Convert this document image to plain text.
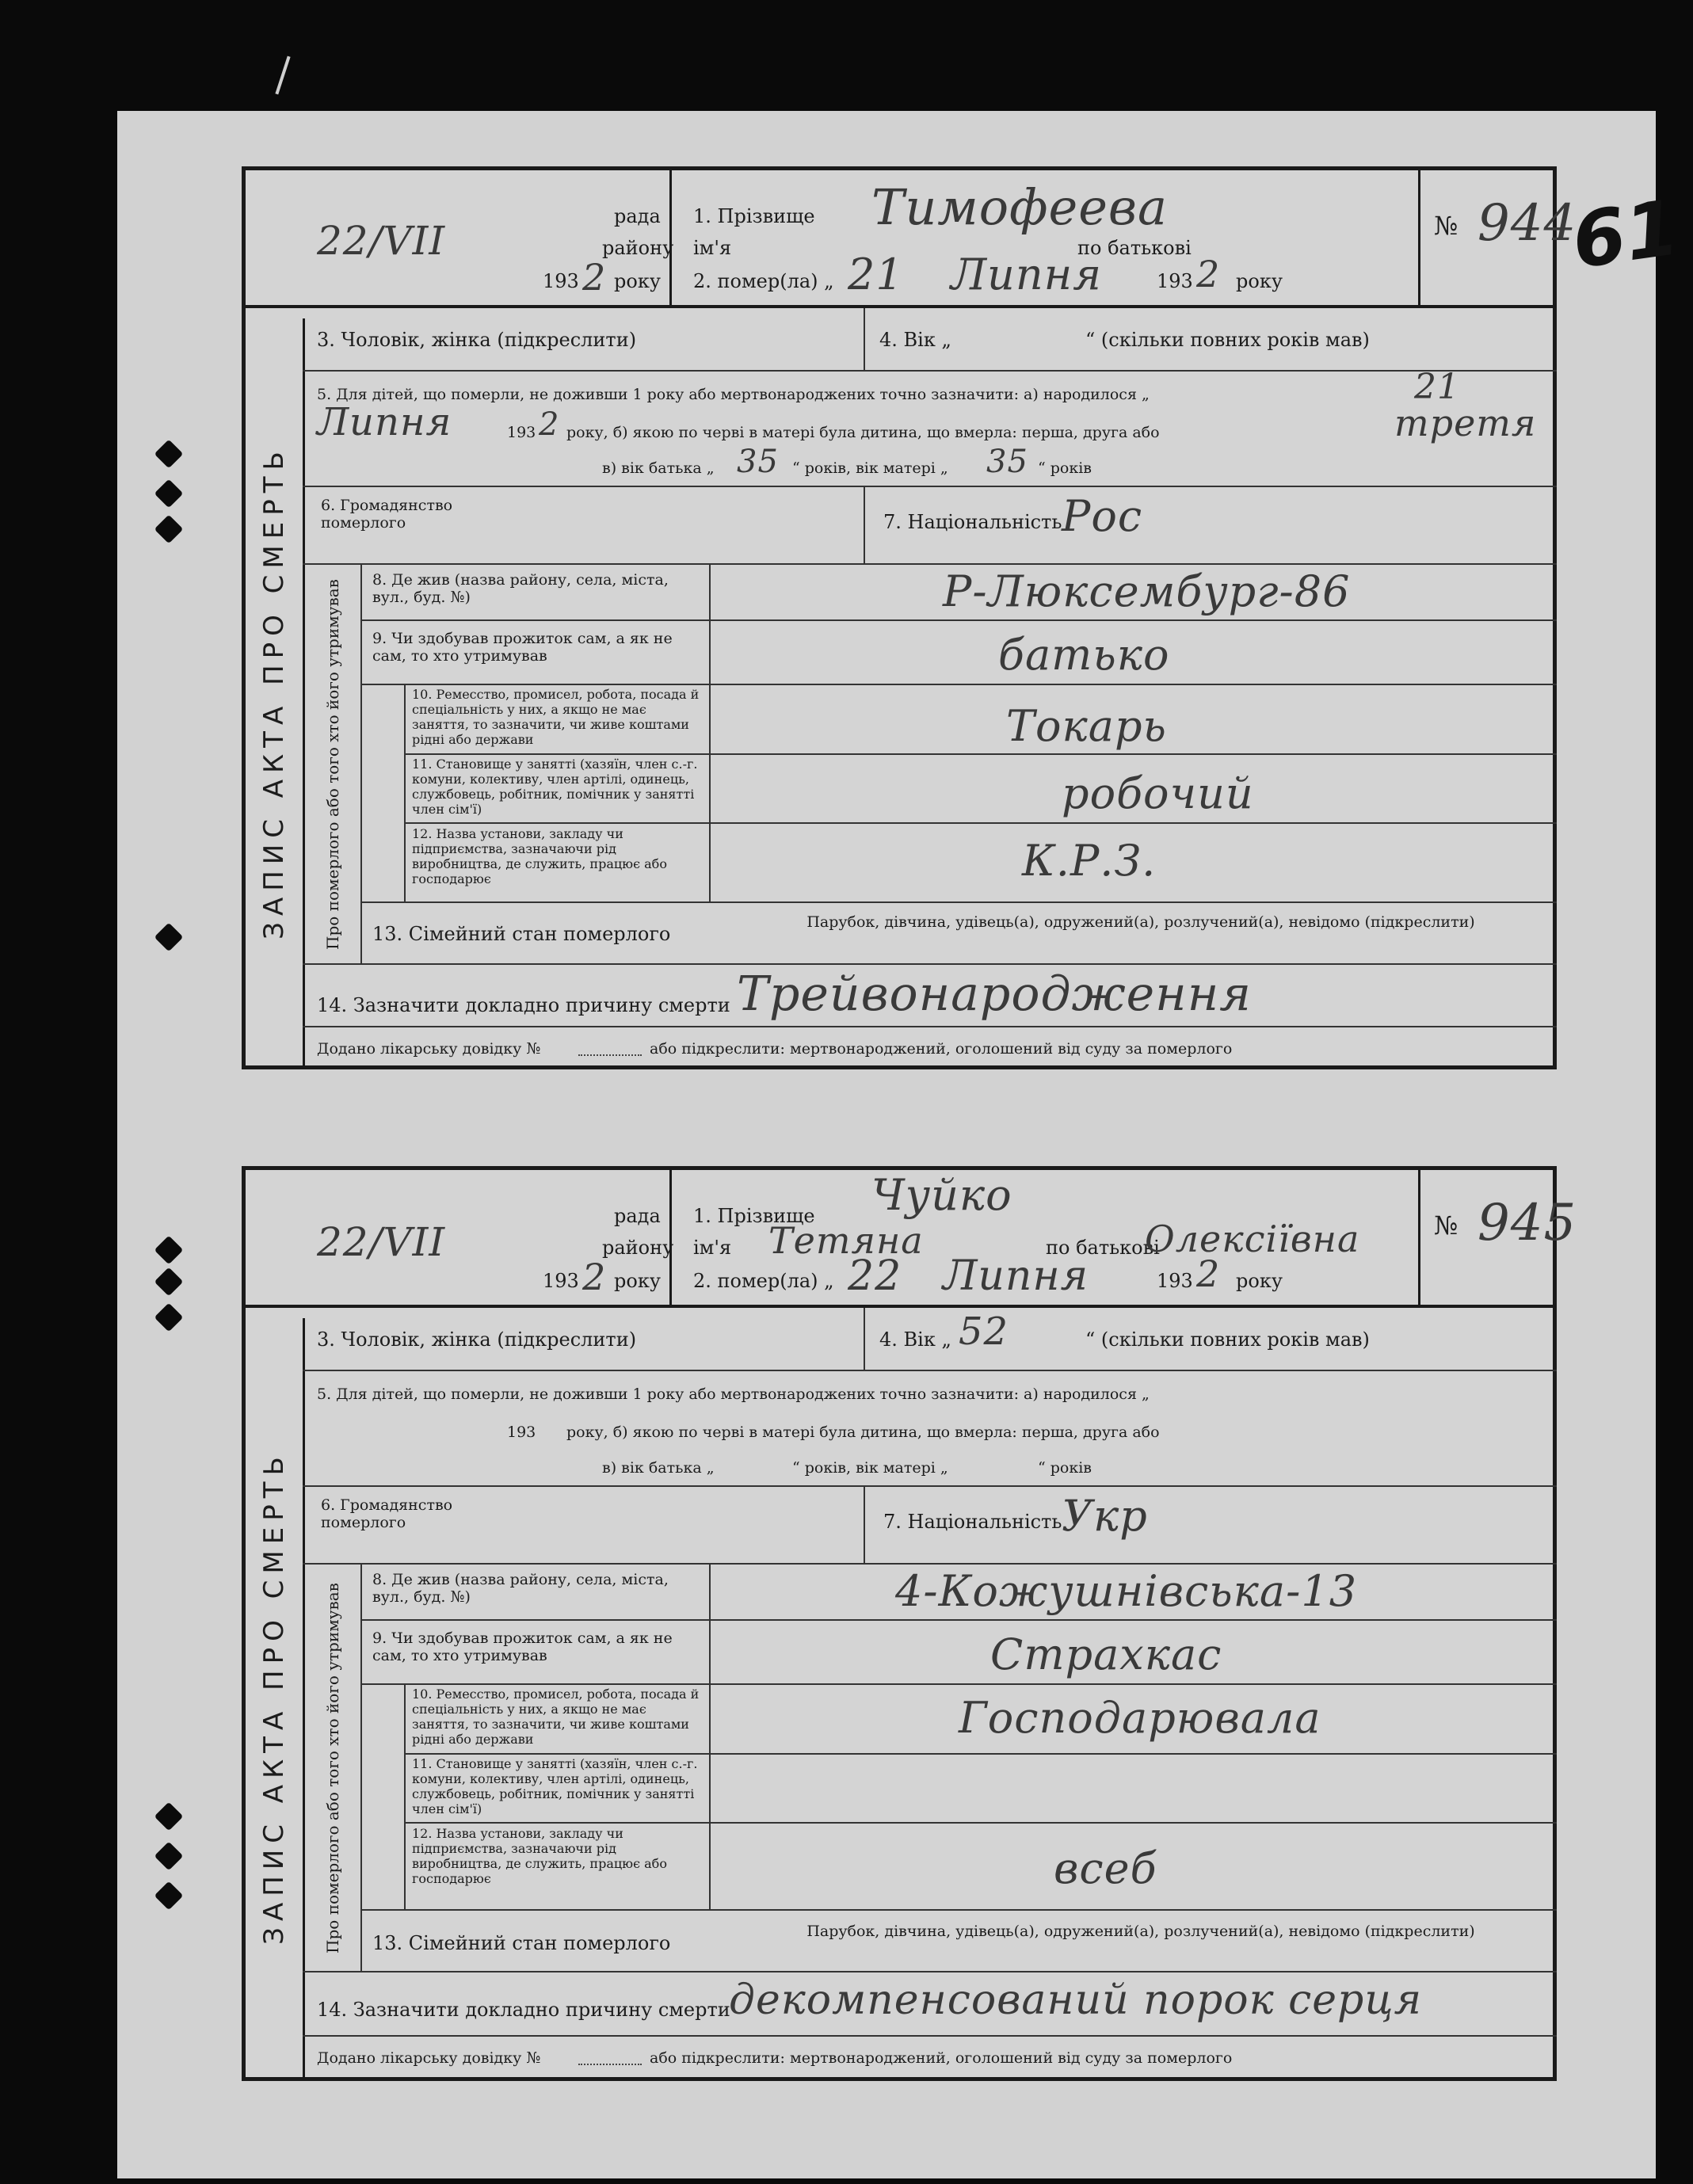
61
ЗАПИС АКТА ПРО СМЕРТЬ
рада
району
22/VII
193 2 року
1. Прізвище Тимофеева
ім'я	по батькові
2. помер(ла) „ 21 Липня	193 2 року
№ 944
Про померлого або того хто його утримував
3. Чоловік, жінка (підкреслити)	4. Вік „	“ (скільки повних років мав)
5. Для дітей, що померли, не доживши 1 року або мертвонароджених точно зазначити: а) народилося „	21
Липня	193 2 року, б) якою по черві в матері була дитина, що вмерла: перша, друга або	третя
в) вік батька „ 35 “ років, вік матері „ 35 “ років
6. Громадянство померлого	7. Національність Рос
8. Де жив (назва району, села, міста, вул., буд. №)	Р-Люксембург-86
9. Чи здобував прожиток сам, а як не сам, то хто утримував	батько
10. Ремесство, промисел, робота, посада й спеціальність у них, а якщо не має заняття, то зазначити, чи живе коштами рідні або держави	Токарь
11. Становище у занятті (хазяїн, член с.-г. комуни, колективу, член артілі, одинець, службовець, робітник, помічник у занятті член сім'ї)	робочий
12. Назва установи, закладу чи підприємства, зазначаючи рід виробництва, де служить, працює або господарює	К.Р.З.
13. Сімейний стан померлого
Парубок, дівчина, удівець(а), одружений(а), розлучений(а), невідомо (підкреслити)
14. Зазначити докладно причину смерти Трейвонародження
Додано лікарську довідку №	або підкреслити: мертвонароджений, оголошений від суду за померлого
ЗАПИС АКТА ПРО СМЕРТЬ
рада
району
22/VII
193 2 року
1. Прізвище Чуйко
ім'я Тетяна	по батькові
Олексіївна
2. помер(ла) „ 22 Липня	193 2 року
№ 945
Про померлого або того хто його утримував
3. Чоловік, жінка (підкреслити)	4. Вік „ 52	“ (скільки повних років мав)
5. Для дітей, що померли, не доживши 1 року або мертвонароджених точно зазначити: а) народилося „
193 року, б) якою по черві в матері була дитина, що вмерла: перша, друга або
в) вік батька „	“ років, вік матері „	“ років
6. Громадянство померлого	7. Національність Укр
8. Де жив (назва району, села, міста, вул., буд. №)	4-Кожушнівська-13
9. Чи здобував прожиток сам, а як не сам, то хто утримував	Страхкас
10. Ремесство, промисел, робота, посада й спеціальність у них, а якщо не має заняття, то зазначити, чи живе коштами рідні або держави	Господарювала
11. Становище у занятті (хазяїн, член с.-г. комуни, колективу, член артілі, одинець, службовець, робітник, помічник у занятті член сім'ї)
12. Назва установи, закладу чи підприємства, зазначаючи рід виробництва, де служить, працює або господарює	всеб
13. Сімейний стан померлого
Парубок, дівчина, удівець(а), одружений(а), розлучений(а), невідомо (підкреслити)
14. Зазначити докладно причину смерти
декомпенсований порок серця
Додано лікарську довідку №	або підкреслити: мертвонароджений, оголошений від суду за померлого
